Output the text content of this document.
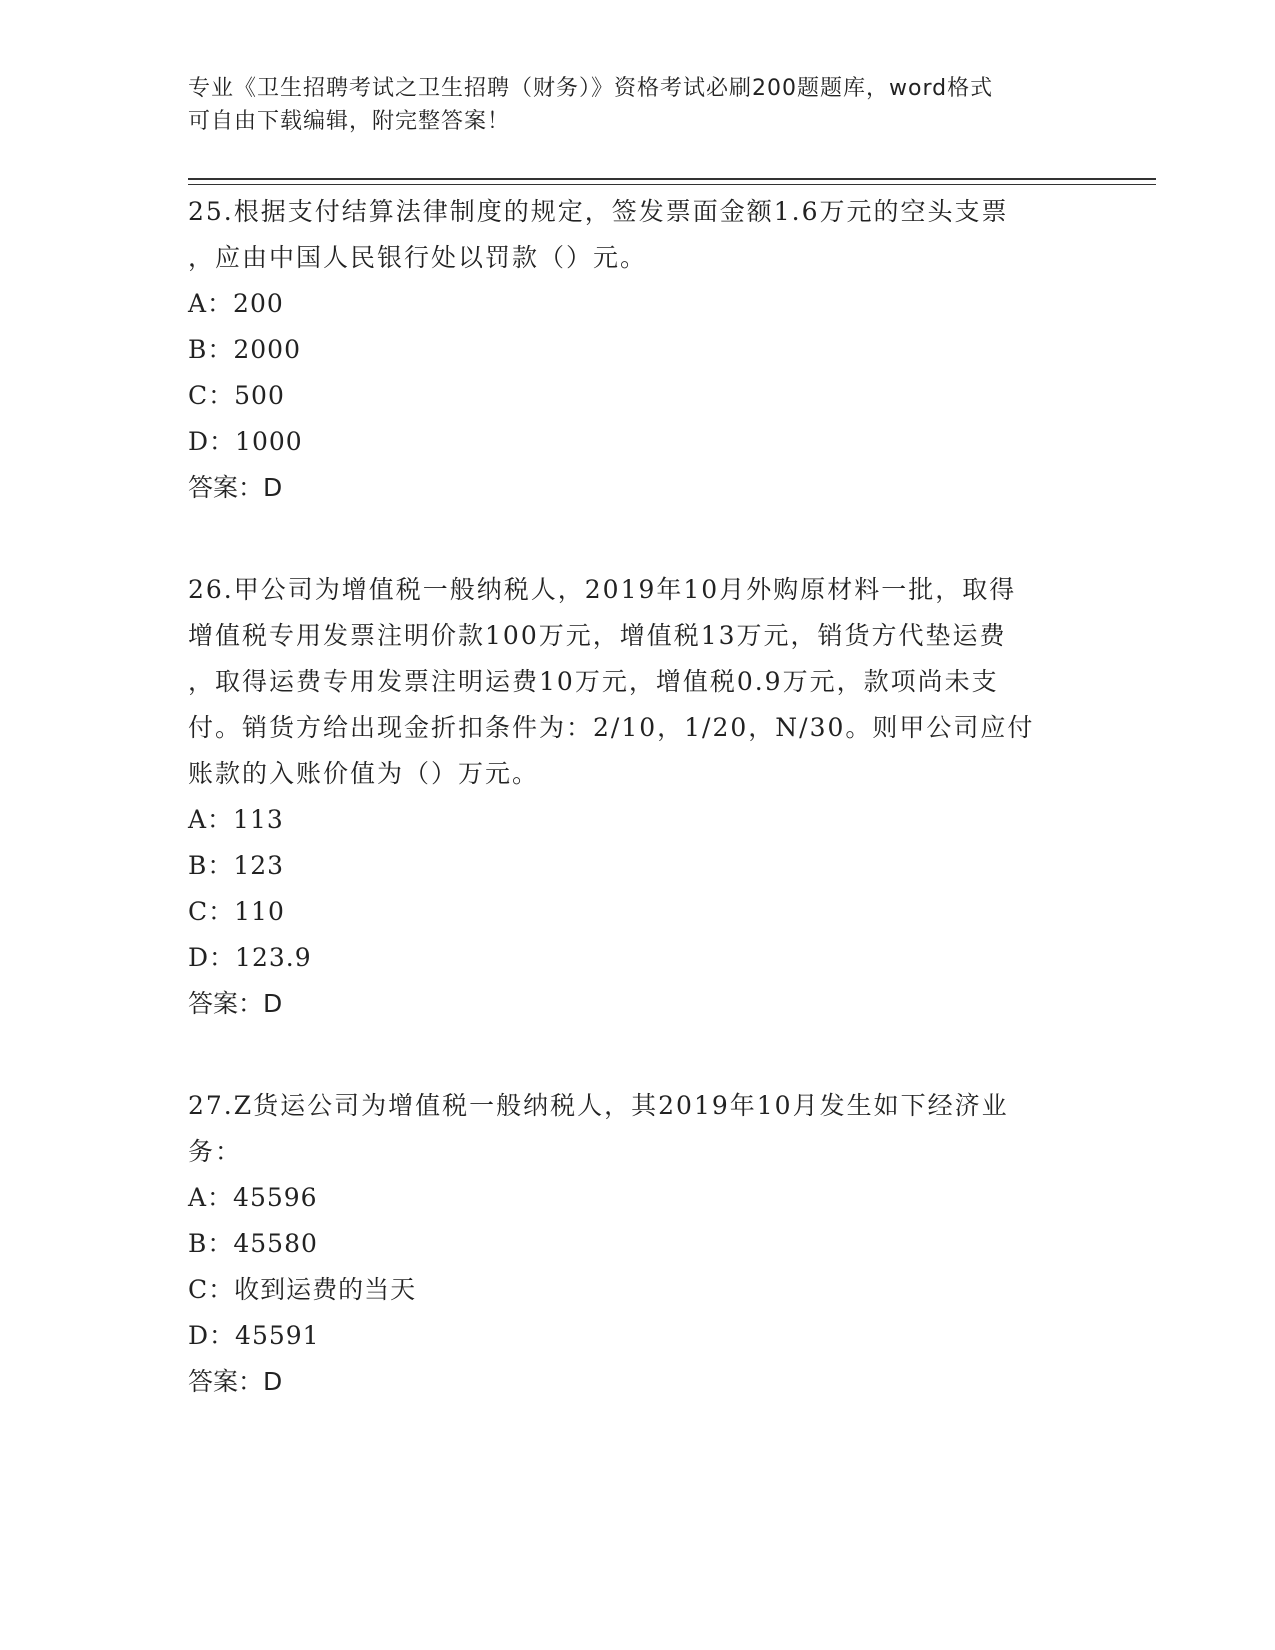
专业《卫生招聘考试之卫生招聘（财务）》资格考试必刷200题题库，word格式
可自由下载编辑，附完整答案！
25.根据支付结算法律制度的规定，签发票面金额1.6万元的空头支票
，应由中国人民银行处以罚款（）元。
A：200
B：2000
C：500
D：1000
答案：D
26.甲公司为增值税一般纳税人，2019年10月外购原材料一批，取得
增值税专用发票注明价款100万元，增值税13万元，销货方代垫运费
，取得运费专用发票注明运费10万元，增值税0.9万元，款项尚未支
付。销货方给出现金折扣条件为：2/10，1/20，N/30。则甲公司应付
账款的入账价值为（）万元。
A：113
B：123
C：110
D：123.9
答案：D
27.Z货运公司为增值税一般纳税人，其2019年10月发生如下经济业
务：
A：45596
B：45580
C：收到运费的当天
D：45591
答案：D
